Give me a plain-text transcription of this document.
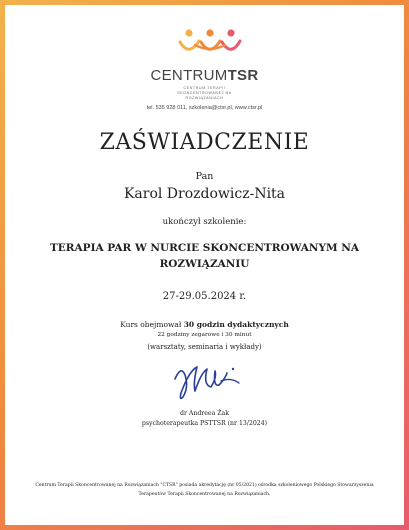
CENTRUMTSR
CENTRUM TERAPII SKONCENTROWANEJ NA ROZWIĄZANIACH
tel. 535 928 011, szkolenia@ctsr.pl, www.ctsr.pl
ZAŚWIADCZENIE
Pan
Karol Drozdowicz-Nita
ukończył szkolenie:
TERAPIA PAR W NURCIE SKONCENTROWANYM NA ROZWIĄZANIU
27-29.05.2024 r.
Kurs obejmował 30 godzin dydaktycznych
22 godziny zegarowe i 30 minut
(warsztaty, seminaria i wykłady)
dr Andreea Żak
psychoterapeutka PSTTSR (nr 13/2024)
Centrum Terapii Skoncentrowanej na Rozwiązaniach "CTSR" posiada akredytację (nr 05/2021) ośrodka szkoleniowego Polskiego Stowarzyszenia Terapeutów Terapii Skoncentrowanej na Rozwiązaniach.
